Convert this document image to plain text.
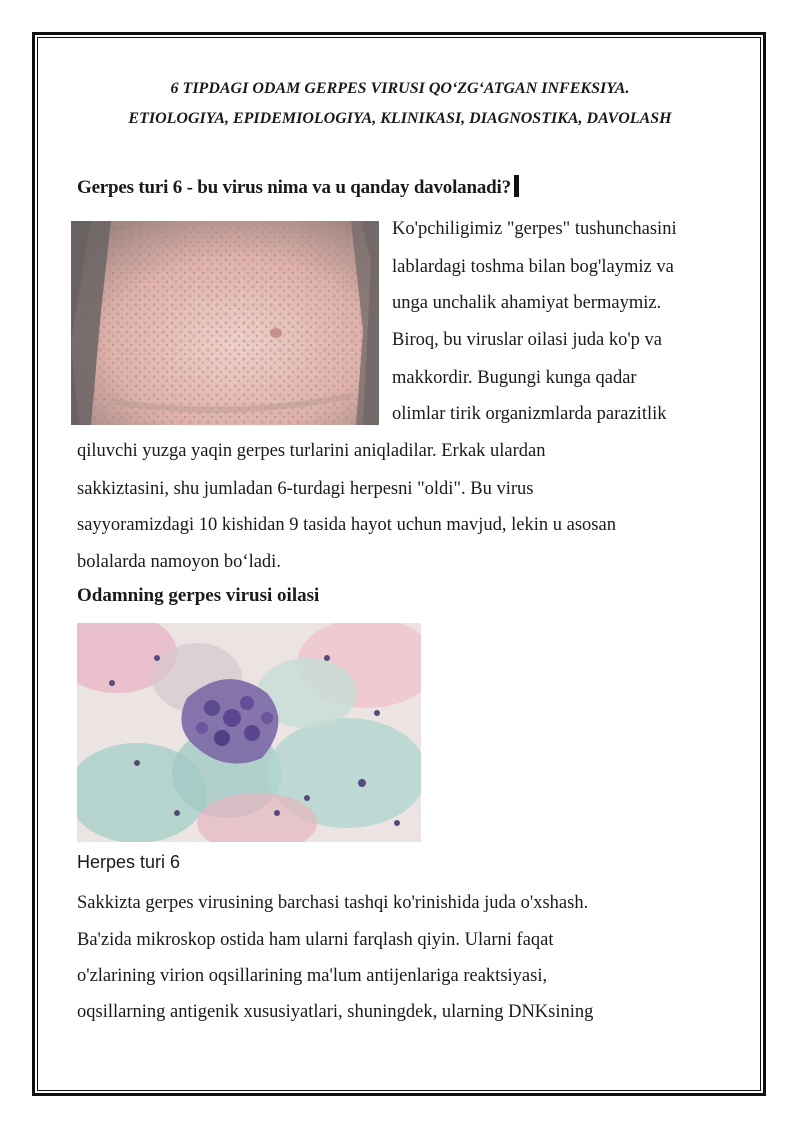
6 TIPDAGI ODAM GERPES VIRUSI QO‘ZG‘ATGAN INFEKSIYA.
ETIOLOGIYA, EPIDEMIOLOGIYA, KLINIKASI, DIAGNOSTIKA, DAVOLASH
Gerpes turi 6 - bu virus nima va u qanday davolanadi?
Ko'pchiligimiz "gerpes" tushunchasini
lablardagi toshma bilan bog'laymiz va
unga unchalik ahamiyat bermaymiz.
Biroq, bu viruslar oilasi juda ko'p va
makkordir. Bugungi kunga qadar
olimlar tirik organizmlarda parazitlik
qiluvchi yuzga yaqin gerpes turlarini aniqladilar. Erkak ulardan
sakkiztasini, shu jumladan 6-turdagi herpesni "oldi". Bu virus
sayyoramizdagi 10 kishidan 9 tasida hayot uchun mavjud, lekin u asosan
bolalarda namoyon bo‘ladi.
Odamning gerpes virusi oilasi
Herpes turi 6
Sakkizta gerpes virusining barchasi tashqi ko'rinishida juda o'xshash.
Ba'zida mikroskop ostida ham ularni farqlash qiyin. Ularni faqat
o'zlarining virion oqsillarining ma'lum antijenlariga reaktsiyasi,
oqsillarning antigenik xususiyatlari, shuningdek, ularning DNKsining
